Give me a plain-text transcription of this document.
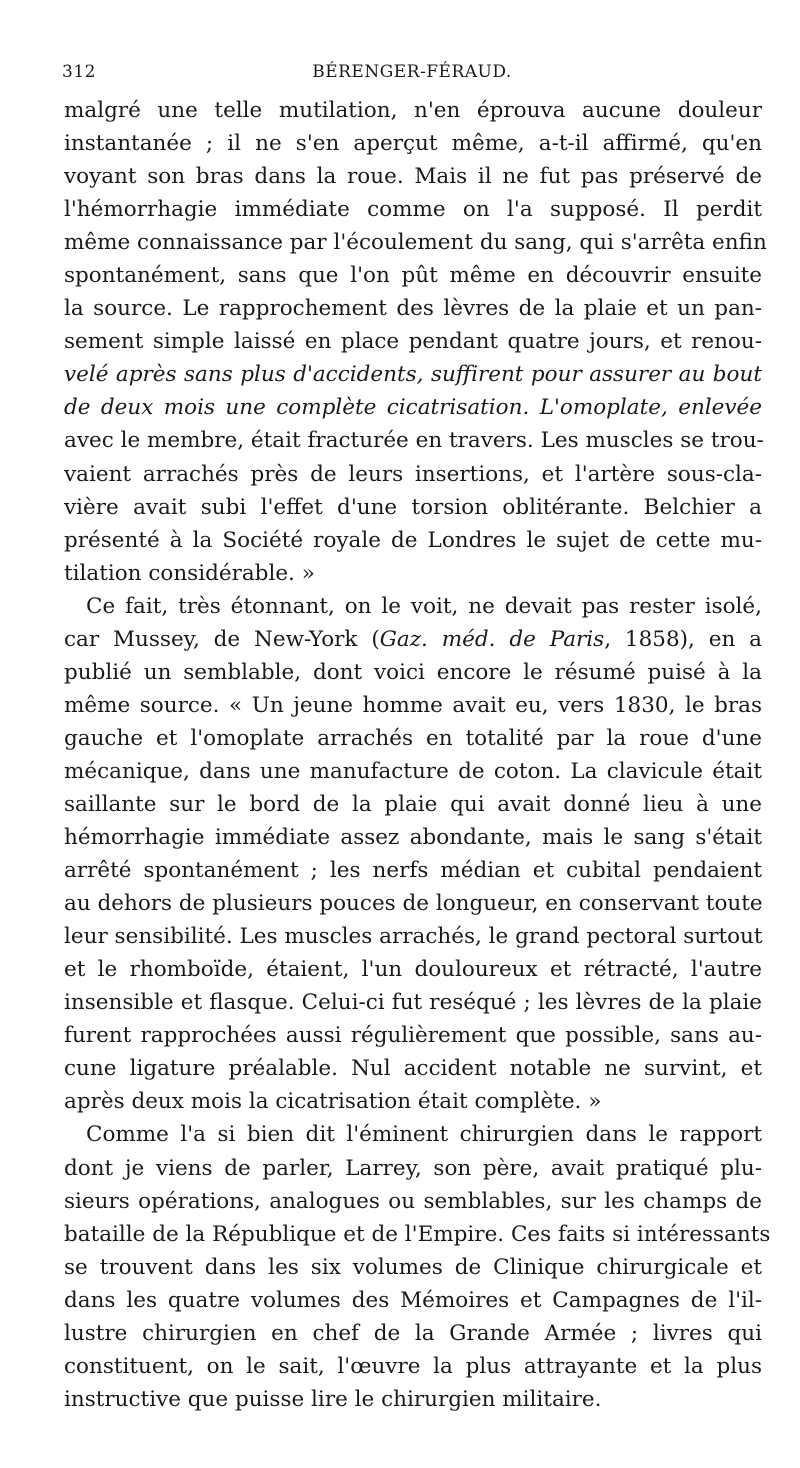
312	BÉRENGER-FÉRAUD.
malgré une telle mutilation, n'en éprouva aucune douleur
instantanée ; il ne s'en aperçut même, a-t-il affirmé, qu'en
voyant son bras dans la roue. Mais il ne fut pas préservé de
l'hémorrhagie immédiate comme on l'a supposé. Il perdit
même connaissance par l'écoulement du sang, qui s'arrêta enfin
spontanément, sans que l'on pût même en découvrir ensuite
la source. Le rapprochement des lèvres de la plaie et un pan-
sement simple laissé en place pendant quatre jours, et renou-
velé après sans plus d'accidents, suffirent pour assurer au bout
de deux mois une complète cicatrisation. L'omoplate, enlevée
avec le membre, était fracturée en travers. Les muscles se trou-
vaient arrachés près de leurs insertions, et l'artère sous-cla-
vière avait subi l'effet d'une torsion oblitérante. Belchier a
présenté à la Société royale de Londres le sujet de cette mu-
tilation considérable. »
Ce fait, très étonnant, on le voit, ne devait pas rester isolé,
car Mussey, de New-York (Gaz. méd. de Paris, 1858), en a
publié un semblable, dont voici encore le résumé puisé à la
même source. « Un jeune homme avait eu, vers 1830, le bras
gauche et l'omoplate arrachés en totalité par la roue d'une
mécanique, dans une manufacture de coton. La clavicule était
saillante sur le bord de la plaie qui avait donné lieu à une
hémorrhagie immédiate assez abondante, mais le sang s'était
arrêté spontanément ; les nerfs médian et cubital pendaient
au dehors de plusieurs pouces de longueur, en conservant toute
leur sensibilité. Les muscles arrachés, le grand pectoral surtout
et le rhomboïde, étaient, l'un douloureux et rétracté, l'autre
insensible et flasque. Celui-ci fut reséqué ; les lèvres de la plaie
furent rapprochées aussi régulièrement que possible, sans au-
cune ligature préalable. Nul accident notable ne survint, et
après deux mois la cicatrisation était complète. »
Comme l'a si bien dit l'éminent chirurgien dans le rapport
dont je viens de parler, Larrey, son père, avait pratiqué plu-
sieurs opérations, analogues ou semblables, sur les champs de
bataille de la République et de l'Empire. Ces faits si intéressants
se trouvent dans les six volumes de Clinique chirurgicale et
dans les quatre volumes des Mémoires et Campagnes de l'il-
lustre chirurgien en chef de la Grande Armée ; livres qui
constituent, on le sait, l'œuvre la plus attrayante et la plus
instructive que puisse lire le chirurgien militaire.
